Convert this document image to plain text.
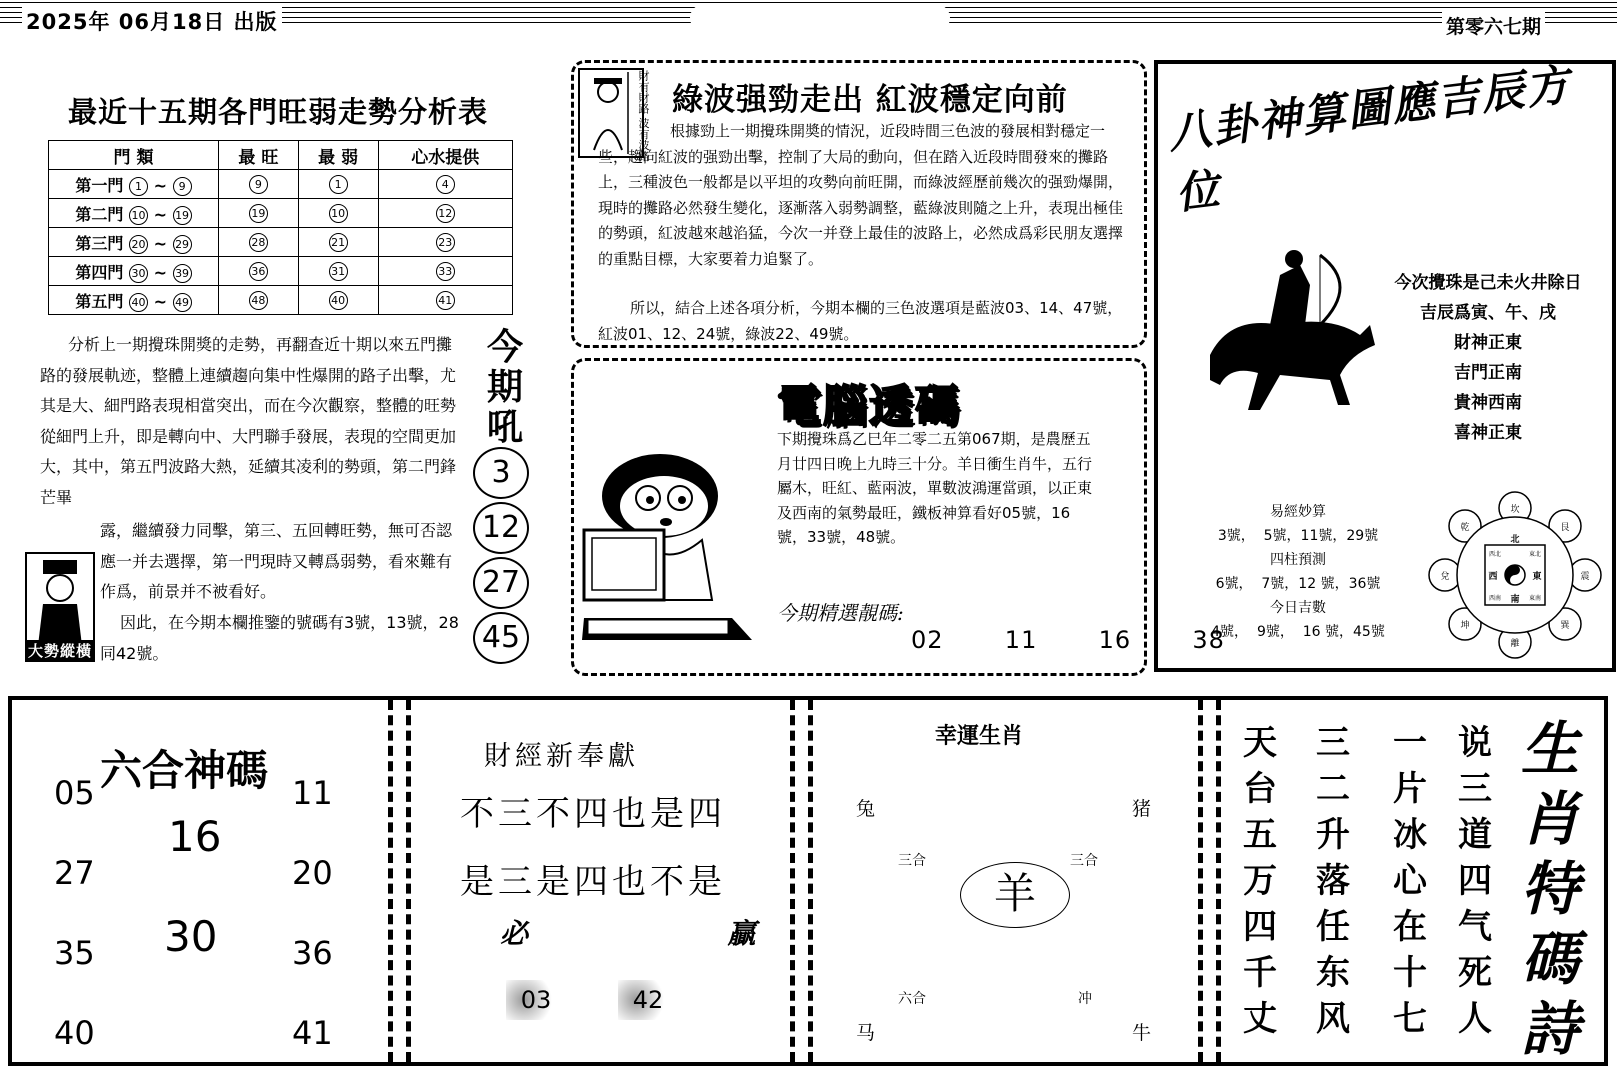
2025年 06月18日 出版	第零六七期
最近十五期各門旺弱走勢分析表
門 類	最 旺	最 弱	心水提供
第一門 1 ~ 9	9	1	4
第二門 10 ~ 19	19	10	12
第三門 20 ~ 29	28	21	23
第四門 30 ~ 39	36	31	33
第五門 40 ~ 49	48	40	41
分析上一期攪珠開獎的走勢，再翻查近十期以來五門攤路的發展軌迹，整體上連續趨向集中性爆開的路子出擊，尤其是大、細門路表現相當突出，而在今次觀察，整體的旺勢從細門上升，即是轉向中、大門聯手發展，表現的空間更加大，其中，第五門波路大熱，延續其凌利的勢頭，第二門鋒芒畢
大勢縱橫
露，繼續發力同擊，第三、五回轉旺勢，無可否認應一并去選擇，第一門現時又轉爲弱勢，看來難有作爲，前景并不被看好。
因此，在今期本欄推鑒的號碼有3號，13號，28同42號。
今期吼
3
12
27
45
財有財路 波有波路 綠波强勁走出 紅波穩定向前
根據勁上一期攪珠開奬的情況，近段時間三色波的發展相對穩定一些，趨向紅波的强勁出擊，控制了大局的動向，但在踏入近段時間發來的攤路上，三種波色一般都是以平坦的攻勢向前旺開，而綠波經歷前幾次的强勁爆開，現時的攤路必然發生變化，逐漸落入弱勢調整，藍綠波則隨之上升，表現出極佳的勢頭，紅波越來越淊猛，今次一并登上最佳的波路上，必然成爲彩民朋友選擇的重點目標，大家要着力追緊了。
所以，結合上述各項分析，今期本欄的三色波選項是藍波03、14、47號，紅波01、12、24號，綠波22、49號。
電腦透碼
下期攪珠爲乙巳年二零二五第067期，是農歷五月廿四日晚上九時三十分。羊日衝生肖牛，五行屬木，旺紅、藍兩波，單數波鴻運當頭，以正東及西南的氣勢最旺，鐵板神算看好05號，16號，33號，48號。
今期精選靚碼:
02  11  16  38
八卦神算圖應吉辰方位
今次攪珠是己未火井除日
吉辰爲寅、午、戌
財神正東
吉門正南
貴神西南
喜神正東
易經妙算
3號，  5號，11號，29號
四柱預測
6號，  7號，12 號，36號
今日吉數
4號，  9號，  16 號，45號
坎
艮
震
巽
離
坤
兌
乾
北
東
南
西
東北
東南
西南
西北
六合神碼
05	11
16
27	20
30
35	36
40	41
財經新奉獻
不三不四也是四
是三是四也不是
必  贏
03	42
幸運生肖
兔	猪
三合	三合
羊
六合	冲
马	牛
说三道四气死人
一片冰心在十七
三二升落任东风
天台五万四千丈
生肖特碼詩
